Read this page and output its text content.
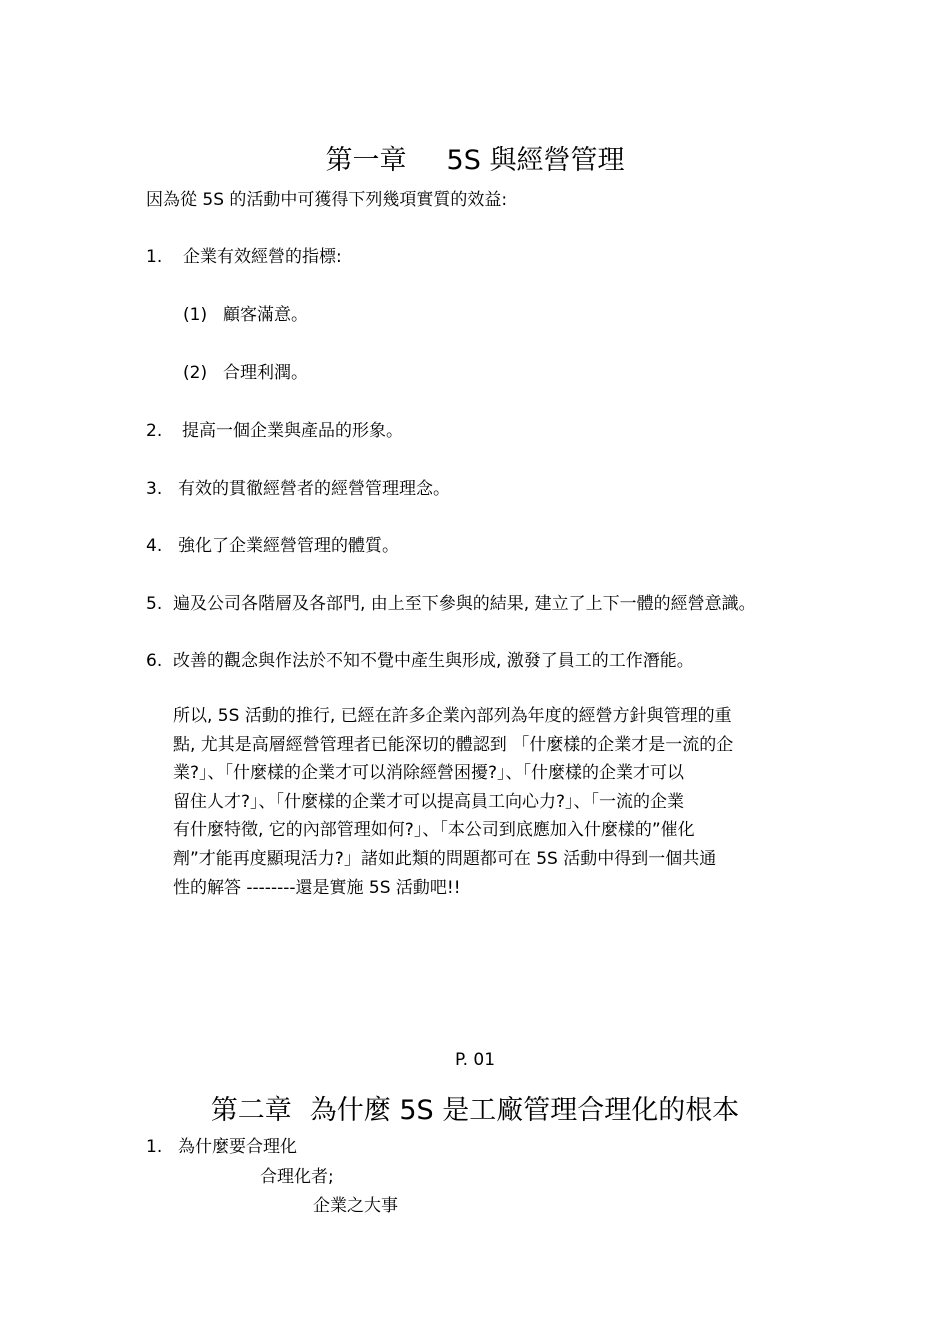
第一章 5S 與經營管理
因為從 5S 的活動中可獲得下列幾項實質的效益:
1. 企業有效經營的指標:
(1) 顧客滿意。
(2) 合理利潤。
2. 提高一個企業與產品的形象。
3. 有效的貫徹經營者的經營管理理念。
4. 強化了企業經營管理的體質。
5. 遍及公司各階層及各部門, 由上至下參與的結果, 建立了上下一體的經營意識。
6. 改善的觀念與作法於不知不覺中產生與形成, 激發了員工的工作潛能。
所以, 5S 活動的推行, 已經在許多企業內部列為年度的經營方針與管理的重
點, 尤其是高層經營管理者已能深切的體認到 「什麼樣的企業才是一流的企
業?」、「什麼樣的企業才可以消除經營困擾?」、「什麼樣的企業才可以
留住人才?」、「什麼樣的企業才可以提高員工向心力?」、「一流的企業
有什麼特徵, 它的內部管理如何?」、「本公司到底應加入什麼樣的”催化
劑”才能再度顯現活力?」諸如此類的問題都可在 5S 活動中得到一個共通
性的解答 --------還是實施 5S 活動吧!!
P. 01
第二章 為什麼 5S 是工廠管理合理化的根本
1. 為什麼要合理化
合理化者;
企業之大事
